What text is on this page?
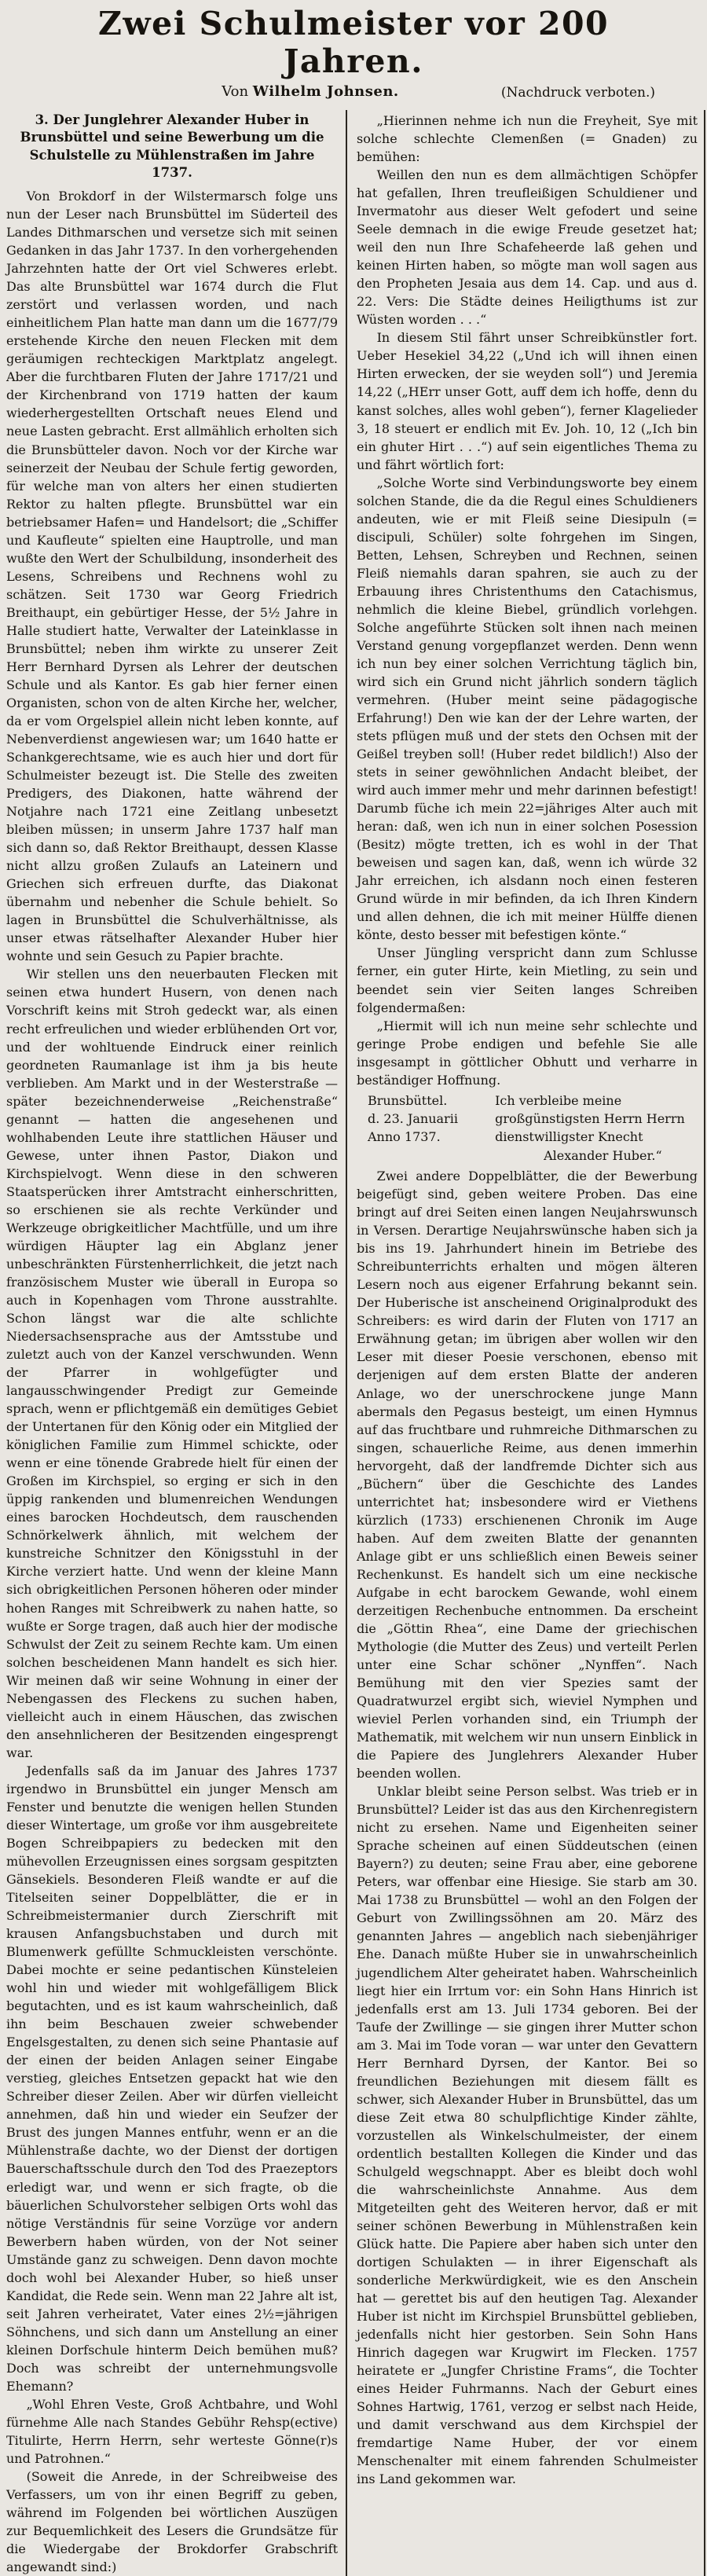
Zwei Schulmeister vor 200 Jahren.
Von Wilhelm Johnsen.	(Nachdruck verboten.)
3. Der Junglehrer Alexander Huber in Brunsbüttel und seine Bewerbung um die Schulstelle zu Mühlenstraßen im Jahre 1737.

Von Brokdorf in der Wilstermarsch folge uns nun der Leser nach Brunsbüttel im Süderteil des Landes Dithmarschen und versetze sich mit seinen Gedanken in das Jahr 1737. In den vorhergehenden Jahrzehnten hatte der Ort viel Schweres erlebt. Das alte Brunsbüttel war 1674 durch die Flut zerstört und verlassen worden, und nach einheitlichem Plan hatte man dann um die 1677/79 erstehende Kirche den neuen Flecken mit dem geräumigen rechteckigen Marktplatz angelegt. Aber die furchtbaren Fluten der Jahre 1717/21 und der Kirchenbrand von 1719 hatten der kaum wiederhergestellten Ortschaft neues Elend und neue Lasten gebracht. Erst allmählich erholten sich die Brunsbütteler davon. Noch vor der Kirche war seinerzeit der Neubau der Schule fertig geworden, für welche man von alters her einen studierten Rektor zu halten pflegte. Brunsbüttel war ein betriebsamer Hafen= und Handelsort; die „Schiffer und Kaufleute“ spielten eine Hauptrolle, und man wußte den Wert der Schulbildung, insonderheit des Lesens, Schreibens und Rechnens wohl zu schätzen. Seit 1730 war Georg Friedrich Breithaupt, ein gebürtiger Hesse, der 5½ Jahre in Halle studiert hatte, Verwalter der Lateinklasse in Brunsbüttel; neben ihm wirkte zu unserer Zeit Herr Bernhard Dyrsen als Lehrer der deutschen Schule und als Kantor. Es gab hier ferner einen Organisten, schon von de alten Kirche her, welcher, da er vom Orgelspiel allein nicht leben konnte, auf Nebenverdienst angewiesen war; um 1640 hatte er Schankgerechtsame, wie es auch hier und dort für Schulmeister bezeugt ist. Die Stelle des zweiten Predigers, des Diakonen, hatte während der Notjahre nach 1721 eine Zeitlang unbesetzt bleiben müssen; in unserm Jahre 1737 half man sich dann so, daß Rektor Breithaupt, dessen Klasse nicht allzu großen Zulaufs an Lateinern und Griechen sich erfreuen durfte, das Diakonat übernahm und nebenher die Schule behielt. So lagen in Brunsbüttel die Schulverhältnisse, als unser etwas rätselhafter Alexander Huber hier wohnte und sein Gesuch zu Papier brachte.

Wir stellen uns den neuerbauten Flecken mit seinen etwa hundert Husern, von denen nach Vorschrift keins mit Stroh gedeckt war, als einen recht erfreulichen und wieder erblühenden Ort vor, und der wohltuende Eindruck einer reinlich geordneten Raumanlage ist ihm ja bis heute verblieben. Am Markt und in der Westerstraße — später bezeichnenderweise „Reichenstraße“ genannt — hatten die angesehenen und wohlhabenden Leute ihre stattlichen Häuser und Gewese, unter ihnen Pastor, Diakon und Kirchspielvogt. Wenn diese in den schweren Staatsperücken ihrer Amtstracht einherschritten, so erschienen sie als rechte Verkünder und Werkzeuge obrigkeitlicher Machtfülle, und um ihre würdigen Häupter lag ein Abglanz jener unbeschränkten Fürstenherrlichkeit, die jetzt nach französischem Muster wie überall in Europa so auch in Kopenhagen vom Throne ausstrahlte. Schon längst war die alte schlichte Niedersachsensprache aus der Amtsstube und zuletzt auch von der Kanzel verschwunden. Wenn der Pfarrer in wohlgefügter und langausschwingender Predigt zur Gemeinde sprach, wenn er pflichtgemäß ein demütiges Gebiet der Untertanen für den König oder ein Mitglied der königlichen Familie zum Himmel schickte, oder wenn er eine tönende Grabrede hielt für einen der Großen im Kirchspiel, so erging er sich in den üppig rankenden und blumenreichen Wendungen eines barocken Hochdeutsch, dem rauschenden Schnörkelwerk ähnlich, mit welchem der kunstreiche Schnitzer den Königsstuhl in der Kirche verziert hatte. Und wenn der kleine Mann sich obrigkeitlichen Personen höheren oder minder hohen Ranges mit Schreibwerk zu nahen hatte, so wußte er Sorge tragen, daß auch hier der modische Schwulst der Zeit zu seinem Rechte kam. Um einen solchen bescheidenen Mann handelt es sich hier. Wir meinen daß wir seine Wohnung in einer der Nebengassen des Fleckens zu suchen haben, vielleicht auch in einem Häuschen, das zwischen den ansehnlicheren der Besitzenden eingesprengt war.

Jedenfalls saß da im Januar des Jahres 1737 irgendwo in Brunsbüttel ein junger Mensch am Fenster und benutzte die wenigen hellen Stunden dieser Wintertage, um große vor ihm ausgebreitete Bogen Schreibpapiers zu bedecken mit den mühevollen Erzeugnissen eines sorgsam gespitzten Gänsekiels. Besonderen Fleiß wandte er auf die Titelseiten seiner Doppelblätter, die er in Schreibmeistermanier durch Zierschrift mit krausen Anfangsbuchstaben und durch mit Blumenwerk gefüllte Schmuckleisten verschönte. Dabei mochte er seine pedantischen Künsteleien wohl hin und wieder mit wohlgefälligem Blick begutachten, und es ist kaum wahrscheinlich, daß ihn beim Beschauen zweier schwebender Engelsgestalten, zu denen sich seine Phantasie auf der einen der beiden Anlagen seiner Eingabe verstieg, gleiches Entsetzen gepackt hat wie den Schreiber dieser Zeilen. Aber wir dürfen vielleicht annehmen, daß hin und wieder ein Seufzer der Brust des jungen Mannes entfuhr, wenn er an die Mühlenstraße dachte, wo der Dienst der dortigen Bauerschaftsschule durch den Tod des Praezeptors erledigt war, und wenn er sich fragte, ob die bäuerlichen Schulvorsteher selbigen Orts wohl das nötige Verständnis für seine Vorzüge vor andern Bewerbern haben würden, von der Not seiner Umstände ganz zu schweigen. Denn davon mochte doch wohl bei Alexander Huber, so hieß unser Kandidat, die Rede sein. Wenn man 22 Jahre alt ist, seit Jahren verheiratet, Vater eines 2½=jährigen Söhnchens, und sich dann um Anstellung an einer kleinen Dorfschule hinterm Deich bemühen muß? Doch was schreibt der unternehmungsvolle Ehemann?

„Wohl Ehren Veste, Groß Achtbahre, und Wohl fürnehme Alle nach Standes Gebühr Rehsp(ective) Titulirte, Herrn Herrn, sehr werteste Gönne(r)s und Patrohnen.“

(Soweit die Anrede, in der Schreibweise des Verfassers, um von ihr einen Begriff zu geben, während im Folgenden bei wörtlichen Auszügen zur Bequemlichkeit des Lesers die Grundsätze für die Wiedergabe der Brokdorfer Grabschrift angewandt sind:)

„Hierinnen nehme ich nun die Freyheit, Sye mit solche schlechte Clemenßen (= Gnaden) zu bemühen:

Weillen den nun es dem allmächtigen Schöpfer hat gefallen, Ihren treufleißigen Schuldiener und Invermatohr aus dieser Welt gefodert und seine Seele demnach in die ewige Freude gesetzet hat; weil den nun Ihre Schafeheerde laß gehen und keinen Hirten haben, so mögte man woll sagen aus den Propheten Jesaia aus dem 14. Cap. und aus d. 22. Vers: Die Städte deines Heiligthums ist zur Wüsten worden . . .“

In diesem Stil fährt unser Schreibkünstler fort. Ueber Hesekiel 34,22 („Und ich will ihnen einen Hirten erwecken, der sie weyden soll“) und Jeremia 14,22 („HErr unser Gott, auff dem ich hoffe, denn du kanst solches, alles wohl geben“), ferner Klagelieder 3, 18 steuert er endlich mit Ev. Joh. 10, 12 („Ich bin ein ghuter Hirt . . .“) auf sein eigentliches Thema zu und fährt wörtlich fort:

„Solche Worte sind Verbindungsworte bey einem solchen Stande, die da die Regul eines Schuldieners andeuten, wie er mit Fleiß seine Diesipuln (= discipuli, Schüler) solte fohrgehen im Singen, Betten, Lehsen, Schreyben und Rechnen, seinen Fleiß niemahls daran spahren, sie auch zu der Erbauung ihres Christenthums den Catachismus, nehmlich die kleine Biebel, gründlich vorlehgen. Solche angeführte Stücken solt ihnen nach meinen Verstand genung vorgepflanzet werden. Denn wenn ich nun bey einer solchen Verrichtung täglich bin, wird sich ein Grund nicht jährlich sondern täglich vermehren. (Huber meint seine pädagogische Erfahrung!) Den wie kan der der Lehre warten, der stets pflügen muß und der stets den Ochsen mit der Geißel treyben soll! (Huber redet bildlich!) Also der stets in seiner gewöhnlichen Andacht bleibet, der wird auch immer mehr und mehr darinnen befestigt! Darumb füche ich mein 22=jähriges Alter auch mit heran: daß, wen ich nun in einer solchen Posession (Besitz) mögte tretten, ich es wohl in der That beweisen und sagen kan, daß, wenn ich würde 32 Jahr erreichen, ich alsdann noch einen festeren Grund würde in mir befinden, da ich Ihren Kindern und allen dehnen, die ich mit meiner Hülffe dienen könte, desto besser mit befestigen könte.“

Unser Jüngling verspricht dann zum Schlusse ferner, ein guter Hirte, kein Mietling, zu sein und beendet sein vier Seiten langes Schreiben folgendermaßen:

„Hiermit will ich nun meine sehr schlechte und geringe Probe endigen und befehle Sie alle insgesampt in göttlicher Obhutt und verharre in beständiger Hoffnung.

Brunsbüttel.
d. 23. Januarii
Anno 1737.
Ich verbleibe meine
großgünstigsten Herrn Herrn
dienstwilligster Knecht
Alexander Huber.“

Zwei andere Doppelblätter, die der Bewerbung beigefügt sind, geben weitere Proben. Das eine bringt auf drei Seiten einen langen Neujahrswunsch in Versen. Derartige Neujahrswünsche haben sich ja bis ins 19. Jahrhundert hinein im Betriebe des Schreibunterrichts erhalten und mögen älteren Lesern noch aus eigener Erfahrung bekannt sein. Der Huberische ist anscheinend Originalprodukt des Schreibers: es wird darin der Fluten von 1717 an Erwähnung getan; im übrigen aber wollen wir den Leser mit dieser Poesie verschonen, ebenso mit derjenigen auf dem ersten Blatte der anderen Anlage, wo der unerschrockene junge Mann abermals den Pegasus besteigt, um einen Hymnus auf das fruchtbare und ruhmreiche Dithmarschen zu singen, schauerliche Reime, aus denen immerhin hervorgeht, daß der landfremde Dichter sich aus „Büchern“ über die Geschichte des Landes unterrichtet hat; insbesondere wird er Viethens kürzlich (1733) erschienenen Chronik im Auge haben. Auf dem zweiten Blatte der genannten Anlage gibt er uns schließlich einen Beweis seiner Rechenkunst. Es handelt sich um eine neckische Aufgabe in echt barockem Gewande, wohl einem derzeitigen Rechenbuche entnommen. Da erscheint die „Göttin Rhea“, eine Dame der griechischen Mythologie (die Mutter des Zeus) und verteilt Perlen unter eine Schar schöner „Nynffen“. Nach Bemühung mit den vier Spezies samt der Quadratwurzel ergibt sich, wieviel Nymphen und wieviel Perlen vorhanden sind, ein Triumph der Mathematik, mit welchem wir nun unsern Einblick in die Papiere des Junglehrers Alexander Huber beenden wollen.

Unklar bleibt seine Person selbst. Was trieb er in Brunsbüttel? Leider ist das aus den Kirchenregistern nicht zu ersehen. Name und Eigenheiten seiner Sprache scheinen auf einen Süddeutschen (einen Bayern?) zu deuten; seine Frau aber, eine geborene Peters, war offenbar eine Hiesige. Sie starb am 30. Mai 1738 zu Brunsbüttel — wohl an den Folgen der Geburt von Zwillingssöhnen am 20. März des genannten Jahres — angeblich nach siebenjähriger Ehe. Danach müßte Huber sie in unwahrscheinlich jugendlichem Alter geheiratet haben. Wahrscheinlich liegt hier ein Irrtum vor: ein Sohn Hans Hinrich ist jedenfalls erst am 13. Juli 1734 geboren. Bei der Taufe der Zwillinge — sie gingen ihrer Mutter schon am 3. Mai im Tode voran — war unter den Gevattern Herr Bernhard Dyrsen, der Kantor. Bei so freundlichen Beziehungen mit diesem fällt es schwer, sich Alexander Huber in Brunsbüttel, das um diese Zeit etwa 80 schulpflichtige Kinder zählte, vorzustellen als Winkelschulmeister, der einem ordentlich bestallten Kollegen die Kinder und das Schulgeld wegschnappt. Aber es bleibt doch wohl die wahrscheinlichste Annahme. Aus dem Mitgeteilten geht des Weiteren hervor, daß er mit seiner schönen Bewerbung in Mühlenstraßen kein Glück hatte. Die Papiere aber haben sich unter den dortigen Schulakten — in ihrer Eigenschaft als sonderliche Merkwürdigkeit, wie es den Anschein hat — gerettet bis auf den heutigen Tag. Alexander Huber ist nicht im Kirchspiel Brunsbüttel geblieben, jedenfalls nicht hier gestorben. Sein Sohn Hans Hinrich dagegen war Krugwirt im Flecken. 1757 heiratete er „Jungfer Christine Frams“, die Tochter eines Heider Fuhrmanns. Nach der Geburt eines Sohnes Hartwig, 1761, verzog er selbst nach Heide, und damit verschwand aus dem Kirchspiel der fremdartige Name Huber, der vor einem Menschenalter mit einem fahrenden Schulmeister ins Land gekommen war.
